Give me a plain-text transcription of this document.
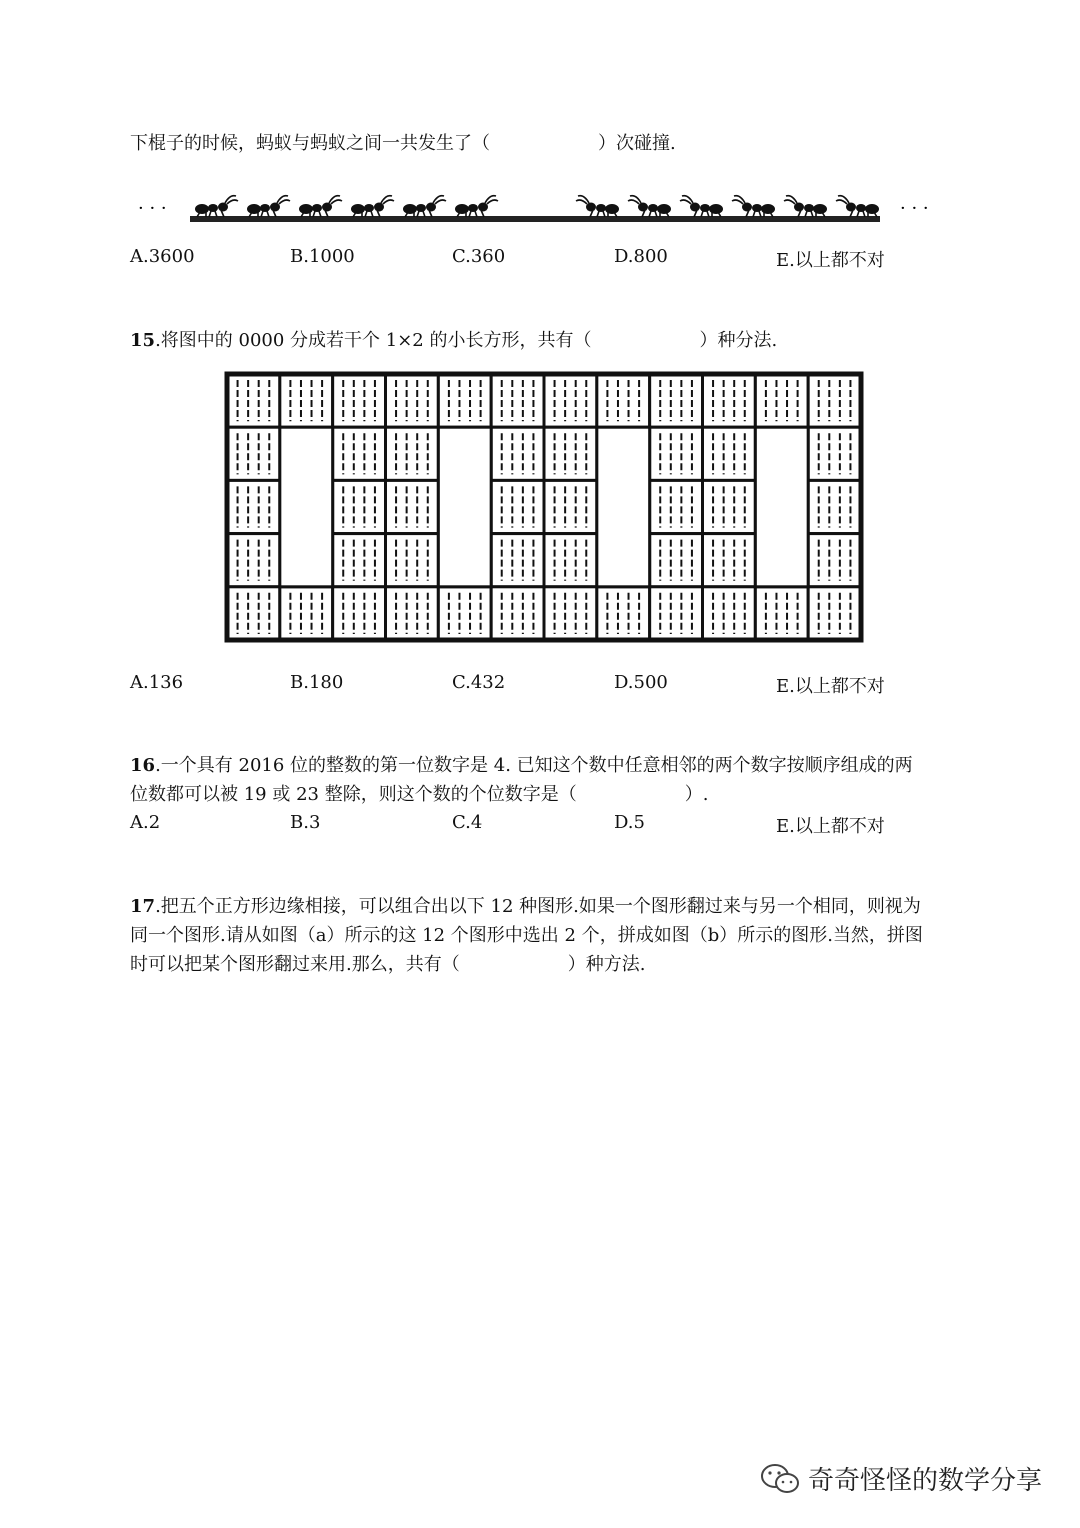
下棍子的时候，蚂蚁与蚂蚁之间一共发生了（　　　　　　	）次碰撞.
· · ·	· · ·
A.3600	B.1000	C.360	D.800	E.以上都不对
15.将图中的 0000 分成若干个 1×2 的小长方形，共有（　　　　　　	）种分法.
A.136	B.180	C.432	D.500	E.以上都不对
16.一个具有 2016 位的整数的第一位数字是 4. 已知这个数中任意相邻的两个数字按顺序组成的两
位数都可以被 19 或 23 整除，则这个数的个位数字是（　　　　　　	）.
A.2	B.3	C.4	D.5	E.以上都不对
17.把五个正方形边缘相接，可以组合出以下 12 种图形.如果一个图形翻过来与另一个相同，则视为
同一个图形.请从如图（a）所示的这 12 个图形中选出 2 个，拼成如图（b）所示的图形.当然，拼图
时可以把某个图形翻过来用.那么，共有（　　　　　　	）种方法.
奇奇怪怪的数学分享
